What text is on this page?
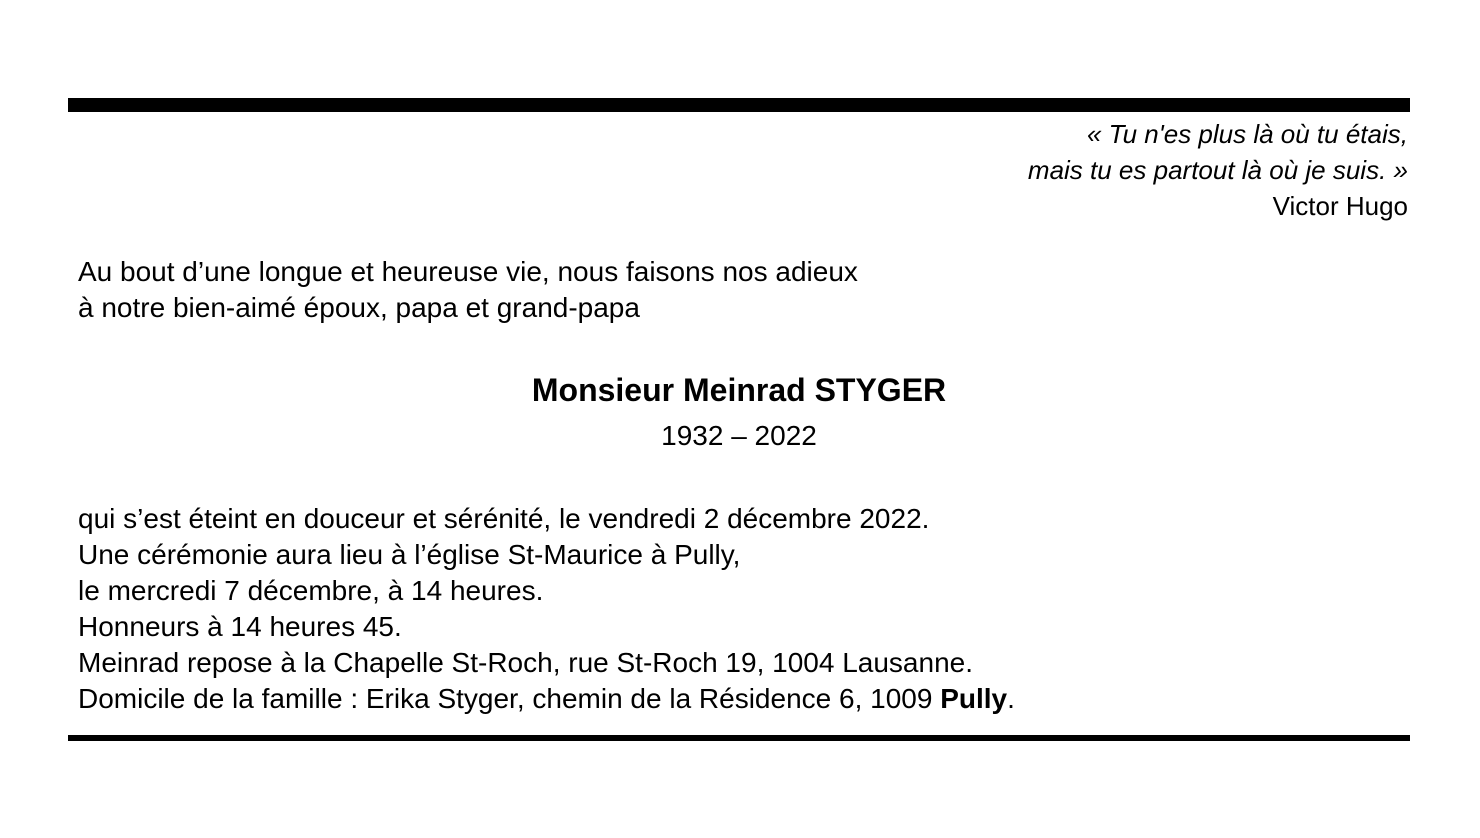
« Tu n'es plus là où tu étais,
mais tu es partout là où je suis. »
Victor Hugo
Au bout d’une longue et heureuse vie, nous faisons nos adieux
à notre bien-aimé époux, papa et grand-papa
Monsieur Meinrad STYGER
1932 – 2022
qui s’est éteint en douceur et sérénité, le vendredi 2 décembre 2022.
Une cérémonie aura lieu à l’église St-Maurice à Pully,
le mercredi 7 décembre, à 14 heures.
Honneurs à 14 heures 45.
Meinrad repose à la Chapelle St-Roch, rue St-Roch 19, 1004 Lausanne.
Domicile de la famille : Erika Styger, chemin de la Résidence 6, 1009 Pully.
